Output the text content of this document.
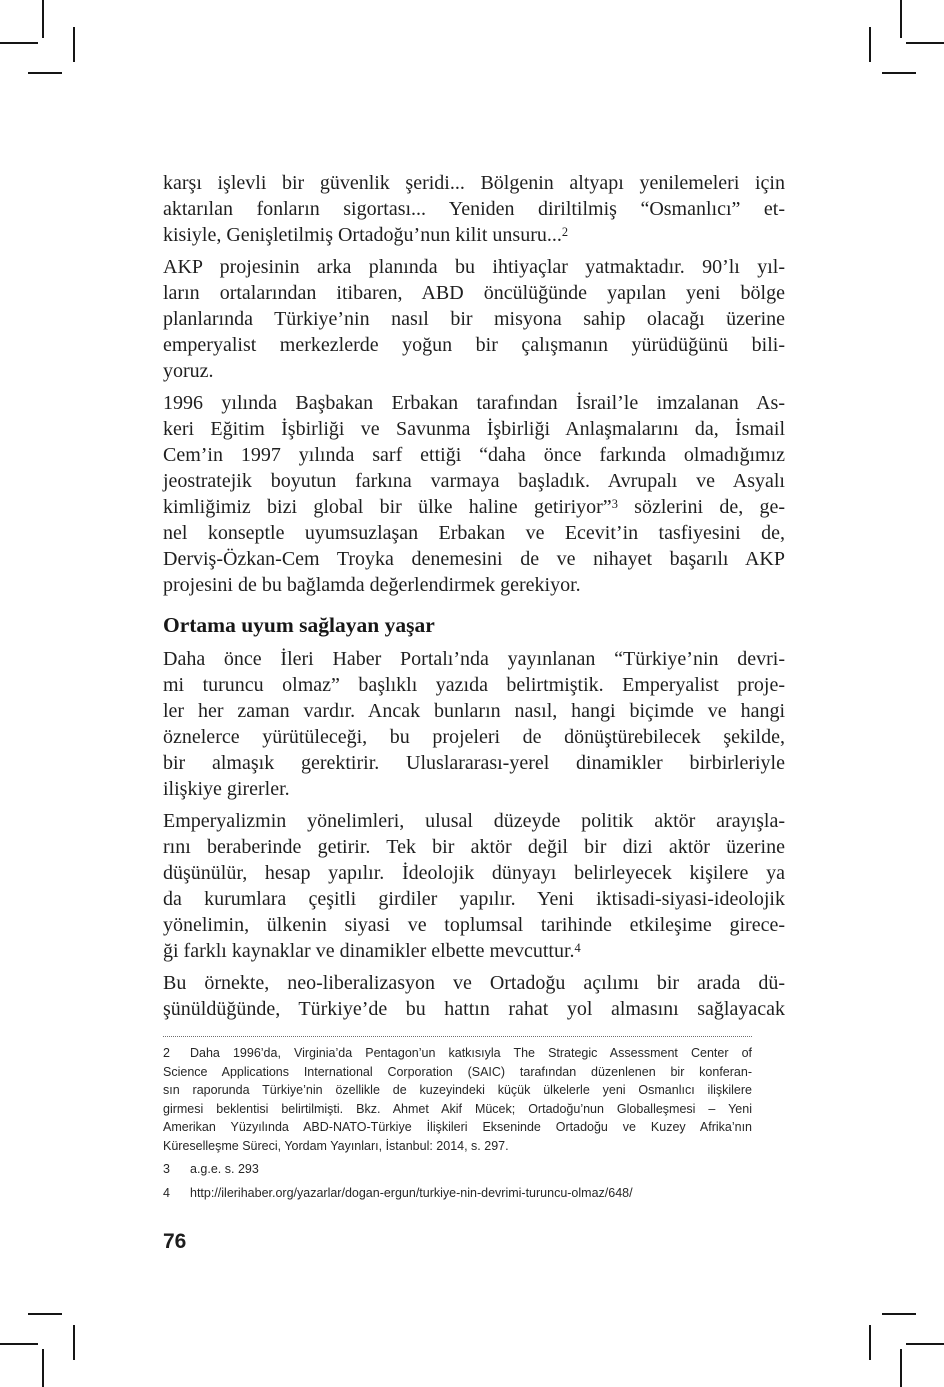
karşı işlevli bir güvenlik şeridi... Bölgenin altyapı yenilemeleri için
aktarılan fonların sigortası... Yeniden diriltilmiş “Osmanlıcı” et-
kisiyle, Genişletilmiş Ortadoğu’nun kilit unsuru...$^2$
AKP projesinin arka planında bu ihtiyaçlar yatmaktadır. 90’lı yıl-
ların ortalarından itibaren, ABD öncülüğünde yapılan yeni bölge
planlarında Türkiye’nin nasıl bir misyona sahip olacağı üzerine
emperyalist merkezlerde yoğun bir çalışmanın yürüdüğünü bili-
yoruz.
1996 yılında Başbakan Erbakan tarafından İsrail’le imzalanan As-
keri Eğitim İşbirliği ve Savunma İşbirliği Anlaşmalarını da, İsmail
Cem’in 1997 yılında sarf ettiği “daha önce farkında olmadığımız
jeostratejik boyutun farkına varmaya başladık. Avrupalı ve Asyalı
kimliğimiz bizi global bir ülke haline getiriyor”$^3$ sözlerini de, ge-
nel konseptle uyumsuzlaşan Erbakan ve Ecevit’in tasfiyesini de,
Derviş-Özkan-Cem Troyka denemesini de ve nihayet başarılı AKP
projesini de bu bağlamda değerlendirmek gerekiyor.
Ortama uyum sağlayan yaşar
Daha önce İleri Haber Portalı’nda yayınlanan “Türkiye’nin devri-
mi turuncu olmaz” başlıklı yazıda belirtmiştik. Emperyalist proje-
ler her zaman vardır. Ancak bunların nasıl, hangi biçimde ve hangi
öznelerce yürütüleceği, bu projeleri de dönüştürebilecek şekilde,
bir almaşık gerektirir. Uluslararası-yerel dinamikler birbirleriyle
ilişkiye girerler.
Emperyalizmin yönelimleri, ulusal düzeyde politik aktör arayışla-
rını beraberinde getirir. Tek bir aktör değil bir dizi aktör üzerine
düşünülür, hesap yapılır. İdeolojik dünyayı belirleyecek kişilere ya
da kurumlara çeşitli girdiler yapılır. Yeni iktisadi-siyasi-ideolojik
yönelimin, ülkenin siyasi ve toplumsal tarihinde etkileşime girece-
ği farklı kaynaklar ve dinamikler elbette mevcuttur.$^4$
Bu örnekte, neo-liberalizasyon ve Ortadoğu açılımı bir arada dü-
şünüldüğünde, Türkiye’de bu hattın rahat yol almasını sağlayacak
2 Daha 1996’da, Virginia’da Pentagon’un katkısıyla The Strategic Assessment Center of
Science Applications International Corporation (SAIC) tarafından düzenlenen bir konferan-
sın raporunda Türkiye’nin özellikle de kuzeyindeki küçük ülkelerle yeni Osmanlıcı ilişkilere
girmesi beklentisi belirtilmişti. Bkz. Ahmet Akif Mücek; Ortadoğu’nun Globalleşmesi – Yeni
Amerikan Yüzyılında ABD-NATO-Türkiye İlişkileri Ekseninde Ortadoğu ve Kuzey Afrika’nın
Küreselleşme Süreci, Yordam Yayınları, İstanbul: 2014, s. 297.
3 a.g.e. s. 293
4 http://ilerihaber.org/yazarlar/dogan-ergun/turkiye-nin-devrimi-turuncu-olmaz/648/
76
